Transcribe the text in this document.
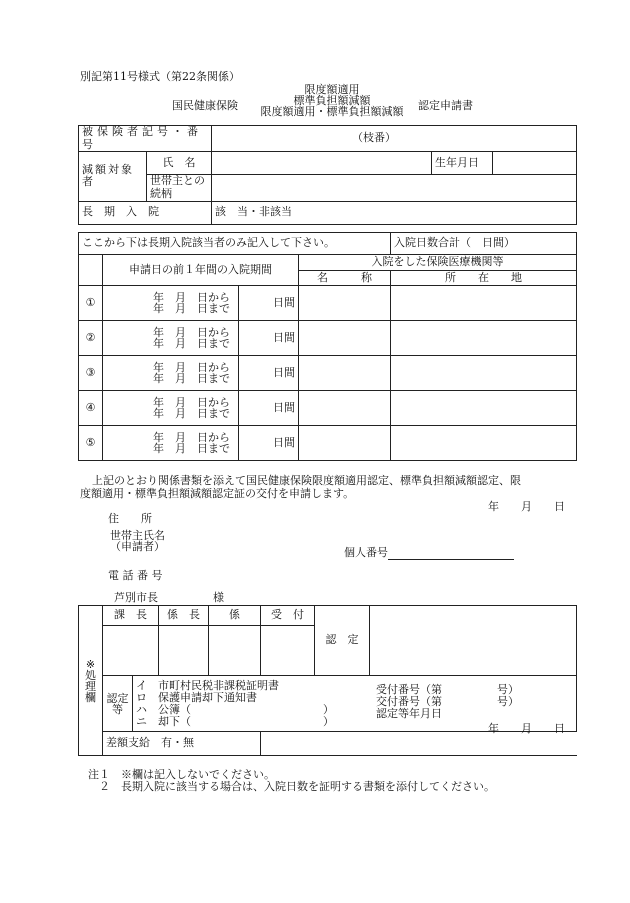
別記第11号様式（第22条関係）
国民健康保険
限度額適用
標準負担額減額
限度額適用・標準負担額減額	認定申請書
被保険者記号・番号		（枝番）		
減額対象者	氏　名		生年月日	
	世帯主との続柄			
長　期　入　院		該　当・非該当		
ここから下は長期入院該当者のみ記入して下さい。				入院日数合計（　日間）
	申請日の前１年間の入院期間		入院をした保険医療機関等	
			名　　　称	所　　在　　地
①	年　月　日から
年　月　日まで	日間		
②	年　月　日から
年　月　日まで	日間		
③	年　月　日から
年　月　日まで	日間		
④	年　月　日から
年　月　日まで	日間		
⑤	年　月　日から
年　月　日まで	日間		
上記のとおり関係書類を添えて国民健康保険限度額適用認定、標準負担額減額認定、限
度額適用・標準負担額減額認定証の交付を申請します。
年　　月　　日
住　　所
世帯主氏名
（申請者）	個人番号
電 話 番 号
芦別市長　　　　　様
※
処
理
欄	課　長		係　長	係	受　付	認　定		

	認定
等	イ　市町村民税非課税証明書
ロ　保護申請却下通知書
ハ　公簿（　　　　　　　　　　　　）
ニ　却下（　　　　　　　　　　　　）						

	差額支給　有・無							
受付番号（第　　　　　号）
交付番号（第　　　　　号）
認定等年月日
年　　月　　日
注１　※欄は記入しないでください。
　２　長期入院に該当する場合は、入院日数を証明する書類を添付してください。
